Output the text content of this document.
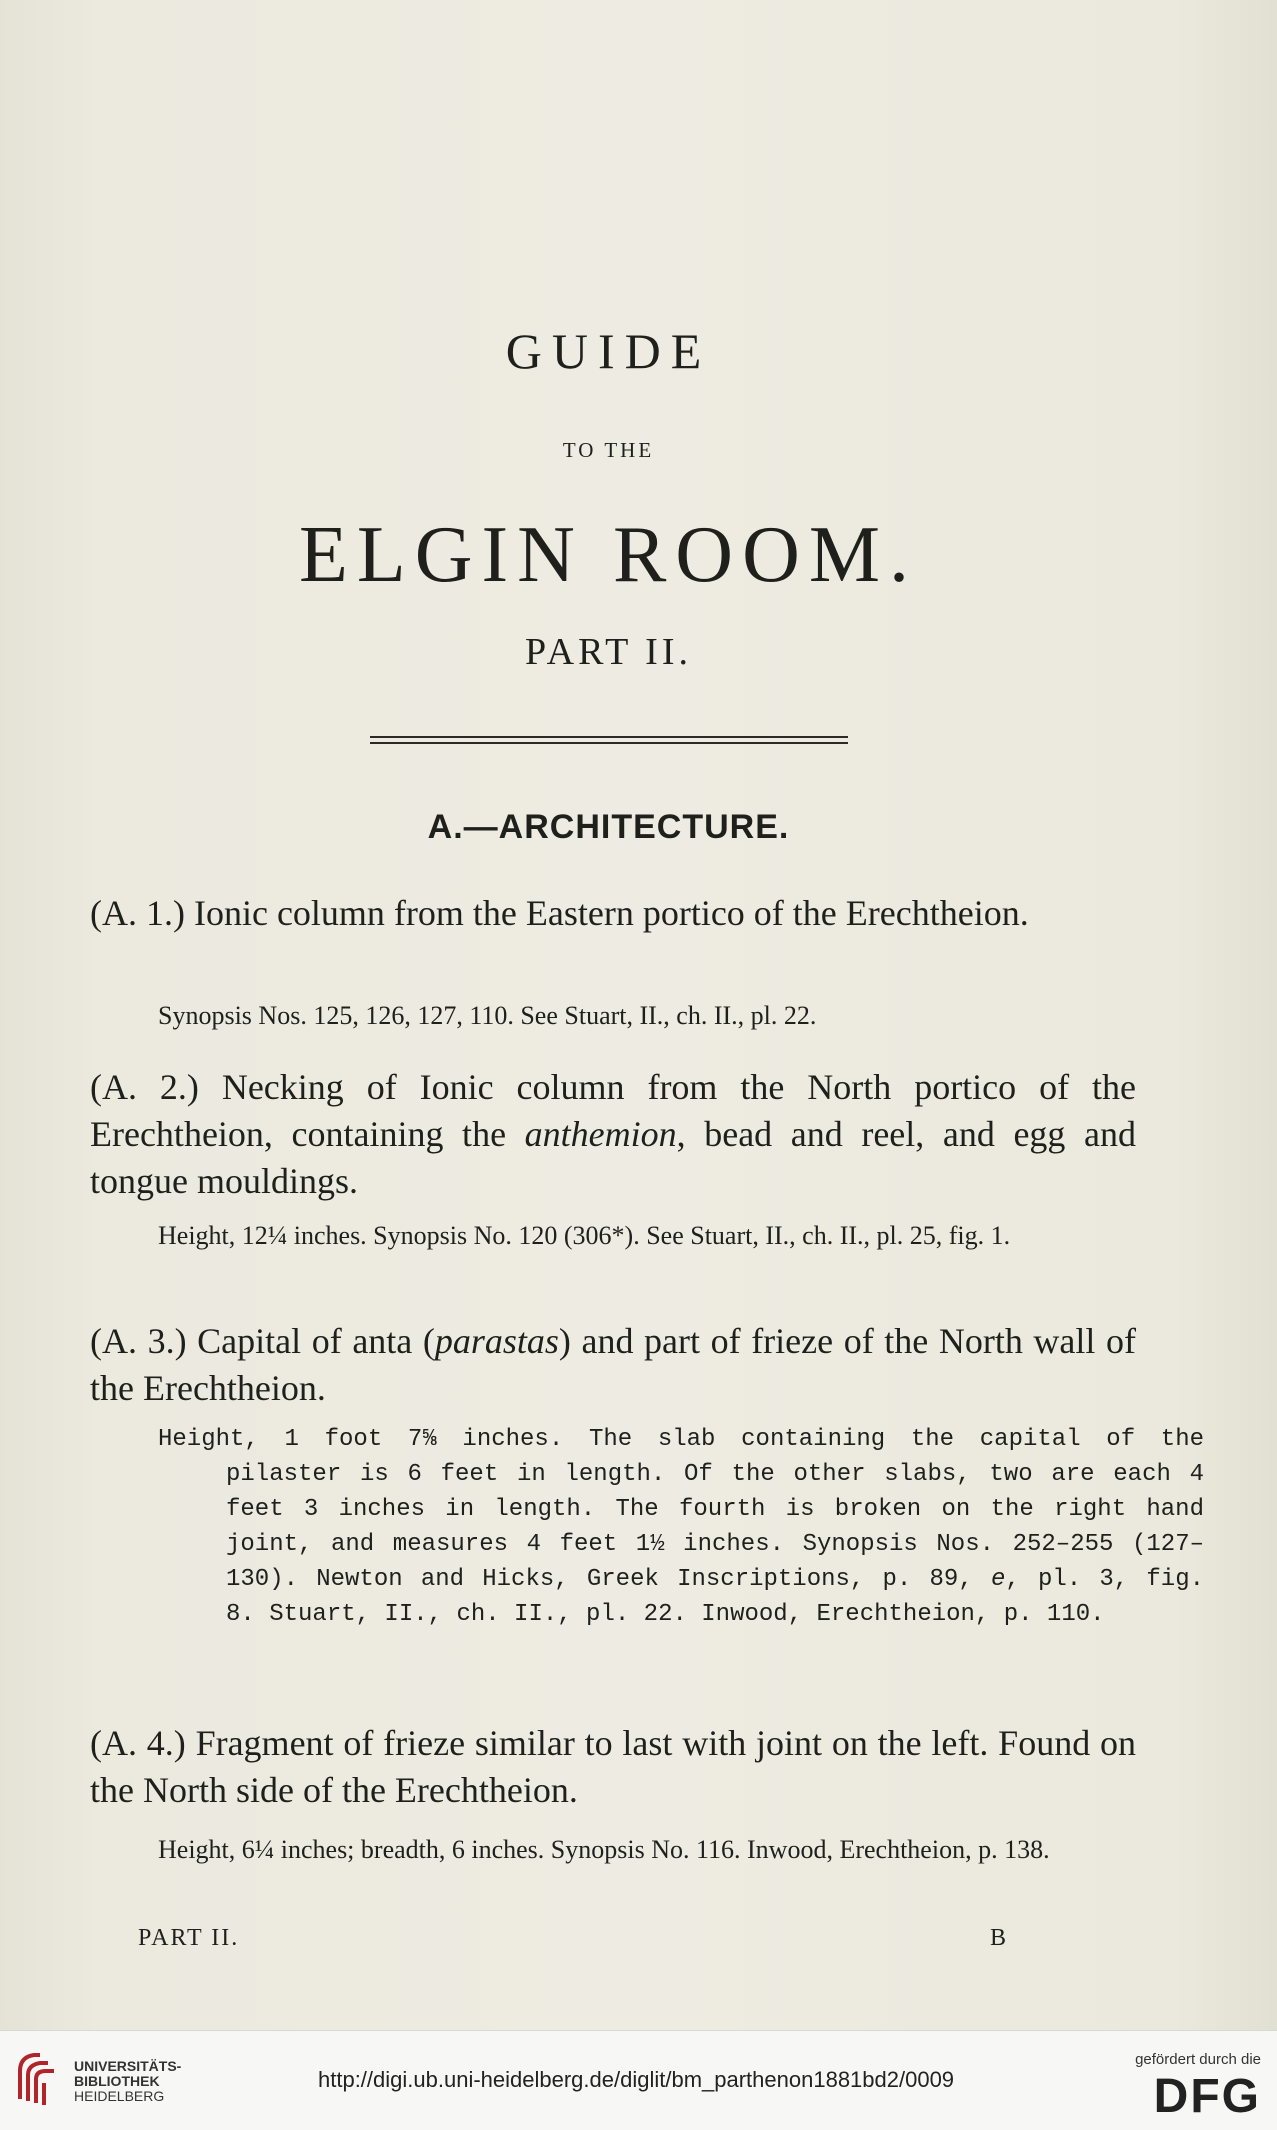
GUIDE
TO THE
ELGIN ROOM.
PART II.
A.—ARCHITECTURE.
(A. 1.) Ionic column from the Eastern portico of the Erechtheion.
Synopsis Nos. 125, 126, 127, 110. See Stuart, II., ch. II., pl. 22.
(A. 2.) Necking of Ionic column from the North portico of the Erechtheion, containing the anthemion, bead and reel, and egg and tongue mouldings.
Height, 12¼ inches. Synopsis No. 120 (306*). See Stuart, II., ch. II., pl. 25, fig. 1.
(A. 3.) Capital of anta (parastas) and part of frieze of the North wall of the Erechtheion.
Height, 1 foot 7⅝ inches. The slab containing the capital of the pilaster is 6 feet in length. Of the other slabs, two are each 4 feet 3 inches in length. The fourth is broken on the right hand joint, and measures 4 feet 1½ inches. Synopsis Nos. 252–255 (127–130). Newton and Hicks, Greek Inscriptions, p. 89, e, pl. 3, fig. 8. Stuart, II., ch. II., pl. 22. Inwood, Erechtheion, p. 110.
(A. 4.) Fragment of frieze similar to last with joint on the left. Found on the North side of the Erechtheion.
Height, 6¼ inches; breadth, 6 inches. Synopsis No. 116. Inwood, Erechtheion, p. 138.
PART II.	B
UNIVERSITÄTS-
BIBLIOTHEK
HEIDELBERG
http://digi.ub.uni-heidelberg.de/diglit/bm_parthenon1881bd2/0009
gefördert durch die
DFG
